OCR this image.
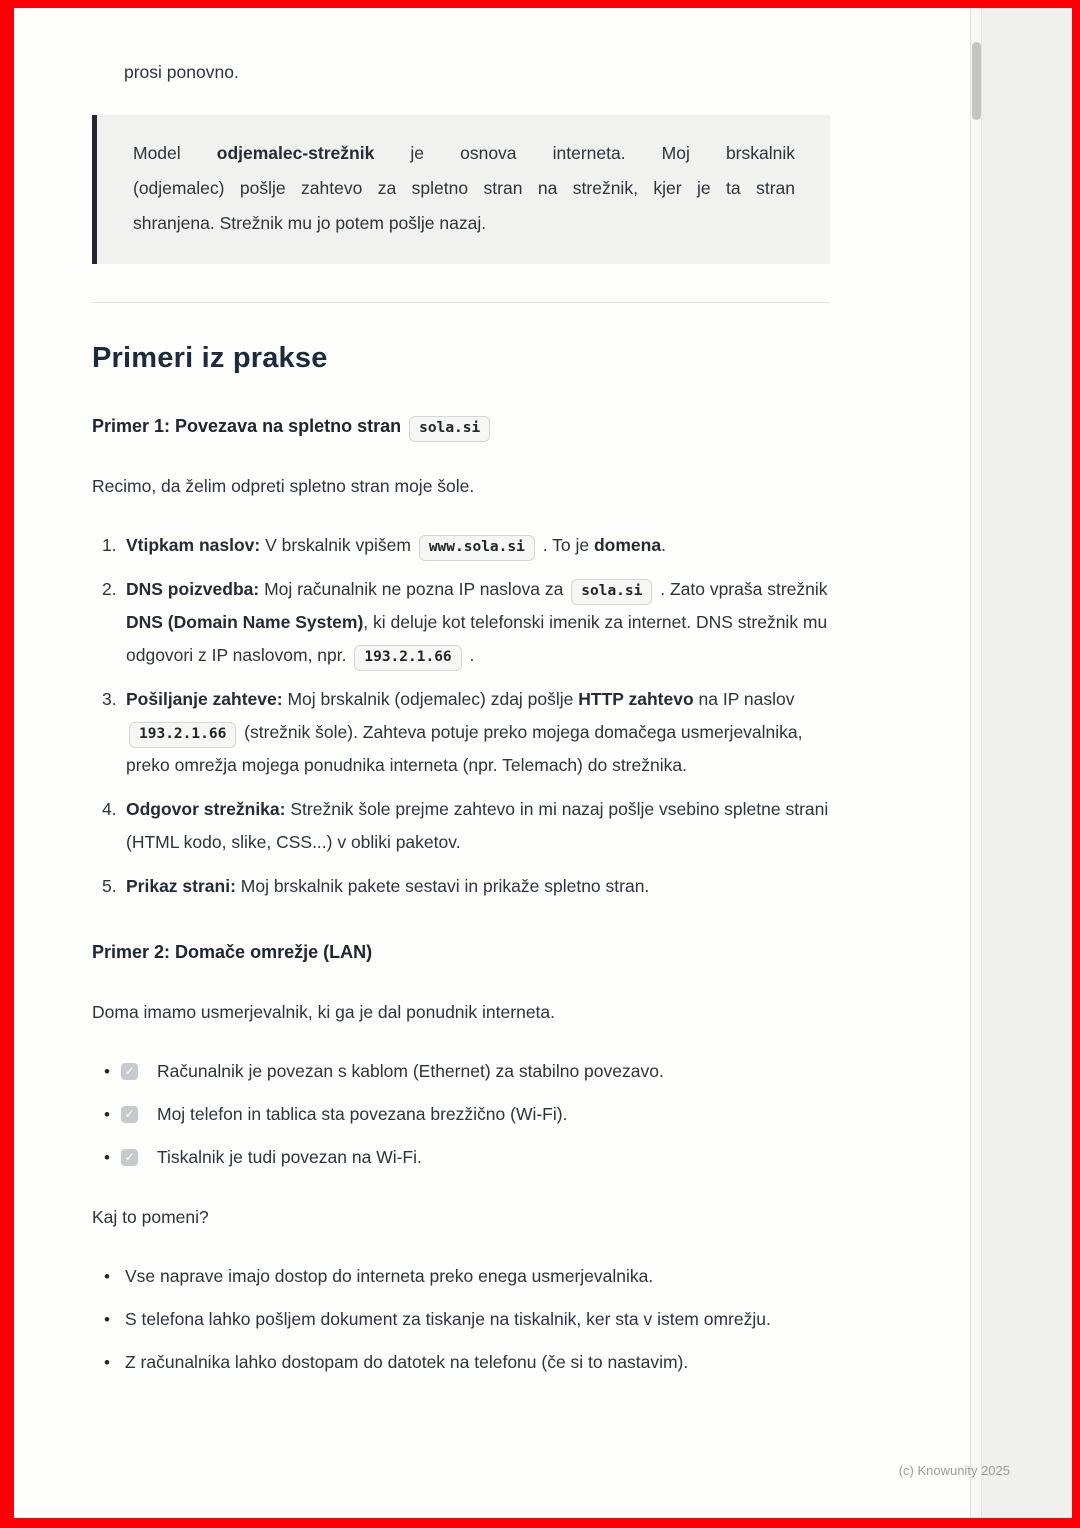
prosi ponovno.

Model odjemalec-strežnik je osnova interneta. Moj brskalnik
(odjemalec) pošlje zahtevo za spletno stran na strežnik, kjer je ta stran
shranjena. Strežnik mu jo potem pošlje nazaj.
Primeri iz prakse

Primer 1: Povezava na spletno stran sola.si

Recimo, da želim odpreti spletno stran moje šole.

1. Vtipkam naslov: V brskalnik vpišem www.sola.si . To je domena.
2. DNS poizvedba: Moj računalnik ne pozna IP naslova za sola.si . Zato vpraša strežnik DNS (Domain Name System), ki deluje kot telefonski imenik za internet. DNS strežnik mu odgovori z IP naslovom, npr. 193.2.1.66 .
3. Pošiljanje zahteve: Moj brskalnik (odjemalec) zdaj pošlje HTTP zahtevo na IP naslov 193.2.1.66 (strežnik šole). Zahteva potuje preko mojega domačega usmerjevalnika, preko omrežja mojega ponudnika interneta (npr. Telemach) do strežnika.
4. Odgovor strežnika: Strežnik šole prejme zahtevo in mi nazaj pošlje vsebino spletne strani (HTML kodo, slike, CSS...) v obliki paketov.
5. Prikaz strani: Moj brskalnik pakete sestavi in prikaže spletno stran.

Primer 2: Domače omrežje (LAN)

Doma imamo usmerjevalnik, ki ga je dal ponudnik interneta.

• ✓ Računalnik je povezan s kablom (Ethernet) za stabilno povezavo.
• ✓ Moj telefon in tablica sta povezana brezžično (Wi-Fi).
• ✓ Tiskalnik je tudi povezan na Wi-Fi.

Kaj to pomeni?

• Vse naprave imajo dostop do interneta preko enega usmerjevalnika.
• S telefona lahko pošljem dokument za tiskanje na tiskalnik, ker sta v istem omrežju.
• Z računalnika lahko dostopam do datotek na telefonu (če si to nastavim).
(c) Knowunity 2025
